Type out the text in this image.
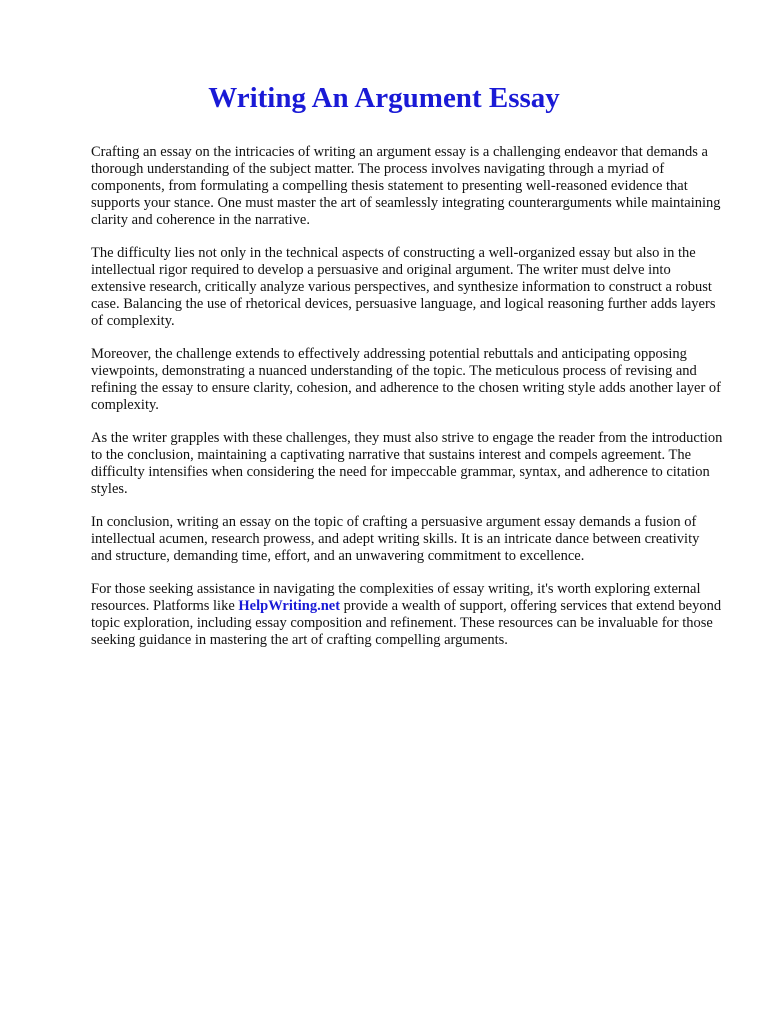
Writing An Argument Essay

Crafting an essay on the intricacies of writing an argument essay is a challenging endeavor that demands a thorough understanding of the subject matter. The process involves navigating through a myriad of components, from formulating a compelling thesis statement to presenting well-reasoned evidence that supports your stance. One must master the art of seamlessly integrating counterarguments while maintaining clarity and coherence in the narrative.

The difficulty lies not only in the technical aspects of constructing a well-organized essay but also in the intellectual rigor required to develop a persuasive and original argument. The writer must delve into extensive research, critically analyze various perspectives, and synthesize information to construct a robust case. Balancing the use of rhetorical devices, persuasive language, and logical reasoning further adds layers of complexity.

Moreover, the challenge extends to effectively addressing potential rebuttals and anticipating opposing viewpoints, demonstrating a nuanced understanding of the topic. The meticulous process of revising and refining the essay to ensure clarity, cohesion, and adherence to the chosen writing style adds another layer of complexity.

As the writer grapples with these challenges, they must also strive to engage the reader from the introduction to the conclusion, maintaining a captivating narrative that sustains interest and compels agreement. The difficulty intensifies when considering the need for impeccable grammar, syntax, and adherence to citation styles.

In conclusion, writing an essay on the topic of crafting a persuasive argument essay demands a fusion of intellectual acumen, research prowess, and adept writing skills. It is an intricate dance between creativity and structure, demanding time, effort, and an unwavering commitment to excellence.

For those seeking assistance in navigating the complexities of essay writing, it's worth exploring external resources. Platforms like HelpWriting.net provide a wealth of support, offering services that extend beyond topic exploration, including essay composition and refinement. These resources can be invaluable for those seeking guidance in mastering the art of crafting compelling arguments.
